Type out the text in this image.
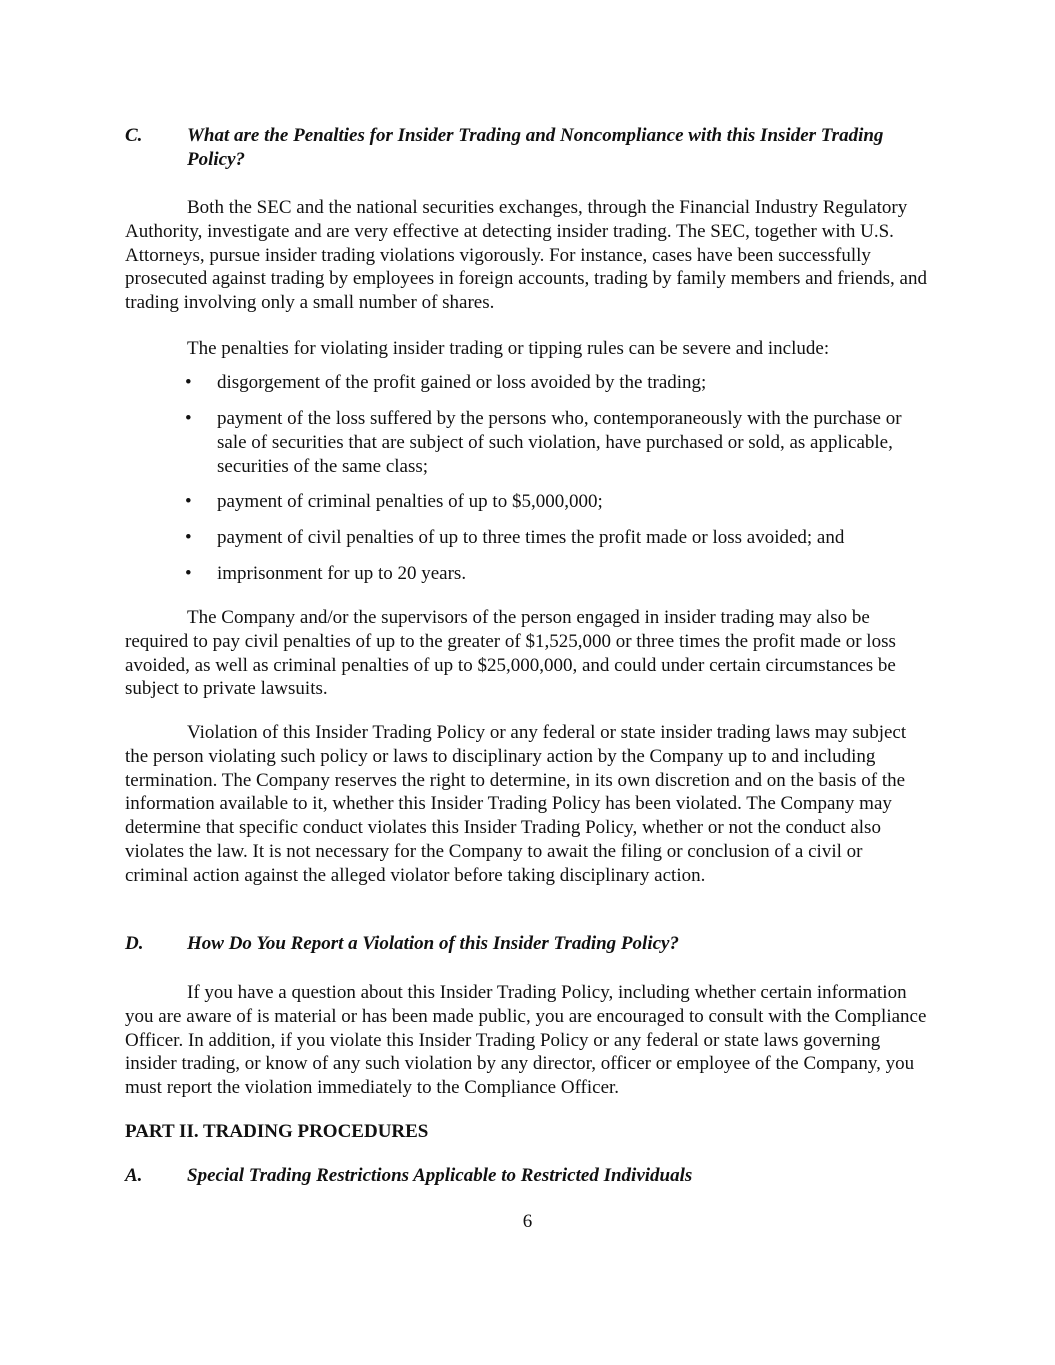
C. What are the Penalties for Insider Trading and Noncompliance with this Insider Trading Policy?

Both the SEC and the national securities exchanges, through the Financial Industry Regulatory Authority, investigate and are very effective at detecting insider trading. The SEC, together with U.S. Attorneys, pursue insider trading violations vigorously. For instance, cases have been successfully prosecuted against trading by employees in foreign accounts, trading by family members and friends, and trading involving only a small number of shares.

The penalties for violating insider trading or tipping rules can be severe and include:

• disgorgement of the profit gained or loss avoided by the trading;
• payment of the loss suffered by the persons who, contemporaneously with the purchase or sale of securities that are subject of such violation, have purchased or sold, as applicable, securities of the same class;
• payment of criminal penalties of up to $5,000,000;
• payment of civil penalties of up to three times the profit made or loss avoided; and
• imprisonment for up to 20 years.

The Company and/or the supervisors of the person engaged in insider trading may also be required to pay civil penalties of up to the greater of $1,525,000 or three times the profit made or loss avoided, as well as criminal penalties of up to $25,000,000, and could under certain circumstances be subject to private lawsuits.

Violation of this Insider Trading Policy or any federal or state insider trading laws may subject the person violating such policy or laws to disciplinary action by the Company up to and including termination. The Company reserves the right to determine, in its own discretion and on the basis of the information available to it, whether this Insider Trading Policy has been violated. The Company may determine that specific conduct violates this Insider Trading Policy, whether or not the conduct also violates the law. It is not necessary for the Company to await the filing or conclusion of a civil or criminal action against the alleged violator before taking disciplinary action.

D. How Do You Report a Violation of this Insider Trading Policy?

If you have a question about this Insider Trading Policy, including whether certain information you are aware of is material or has been made public, you are encouraged to consult with the Compliance Officer. In addition, if you violate this Insider Trading Policy or any federal or state laws governing insider trading, or know of any such violation by any director, officer or employee of the Company, you must report the violation immediately to the Compliance Officer.

PART II. TRADING PROCEDURES
A. Special Trading Restrictions Applicable to Restricted Individuals
6
